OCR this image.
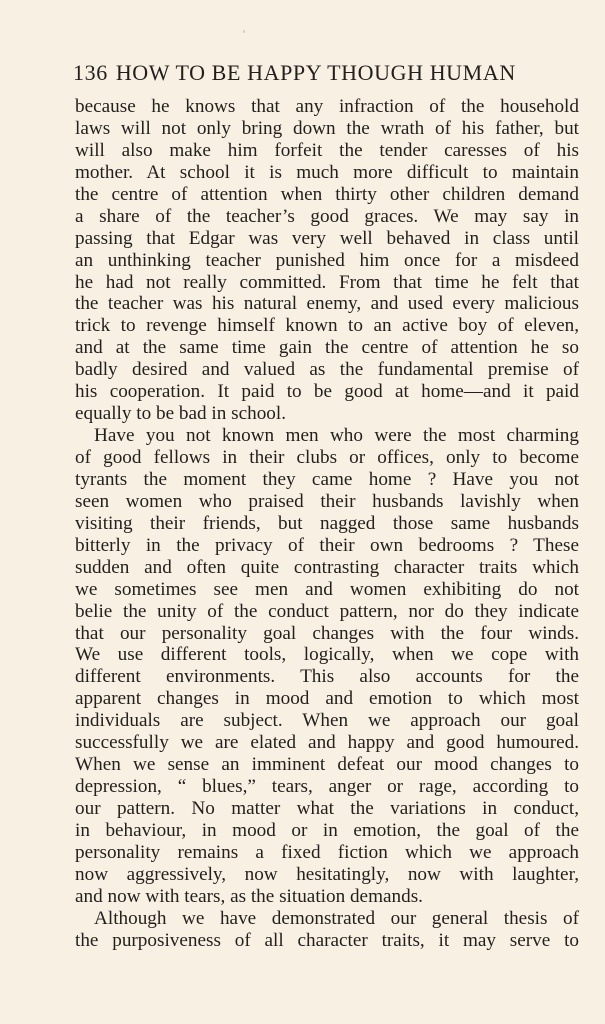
136 HOW TO BE HAPPY THOUGH HUMAN
because he knows that any infraction of the household
laws will not only bring down the wrath of his father, but
will also make him forfeit the tender caresses of his
mother. At school it is much more difficult to maintain
the centre of attention when thirty other children demand
a share of the teacher’s good graces. We may say in
passing that Edgar was very well behaved in class until
an unthinking teacher punished him once for a misdeed
he had not really committed. From that time he felt that
the teacher was his natural enemy, and used every malicious
trick to revenge himself known to an active boy of eleven,
and at the same time gain the centre of attention he so
badly desired and valued as the fundamental premise of
his cooperation. It paid to be good at home—and it paid
equally to be bad in school.
Have you not known men who were the most charming
of good fellows in their clubs or offices, only to become
tyrants the moment they came home ? Have you not
seen women who praised their husbands lavishly when
visiting their friends, but nagged those same husbands
bitterly in the privacy of their own bedrooms ? These
sudden and often quite contrasting character traits which
we sometimes see men and women exhibiting do not
belie the unity of the conduct pattern, nor do they indicate
that our personality goal changes with the four winds.
We use different tools, logically, when we cope with
different environments. This also accounts for the
apparent changes in mood and emotion to which most
individuals are subject. When we approach our goal
successfully we are elated and happy and good humoured.
When we sense an imminent defeat our mood changes to
depression, “ blues,” tears, anger or rage, according to
our pattern. No matter what the variations in conduct,
in behaviour, in mood or in emotion, the goal of the
personality remains a fixed fiction which we approach
now aggressively, now hesitatingly, now with laughter,
and now with tears, as the situation demands.
Although we have demonstrated our general thesis of
the purposiveness of all character traits, it may serve to
